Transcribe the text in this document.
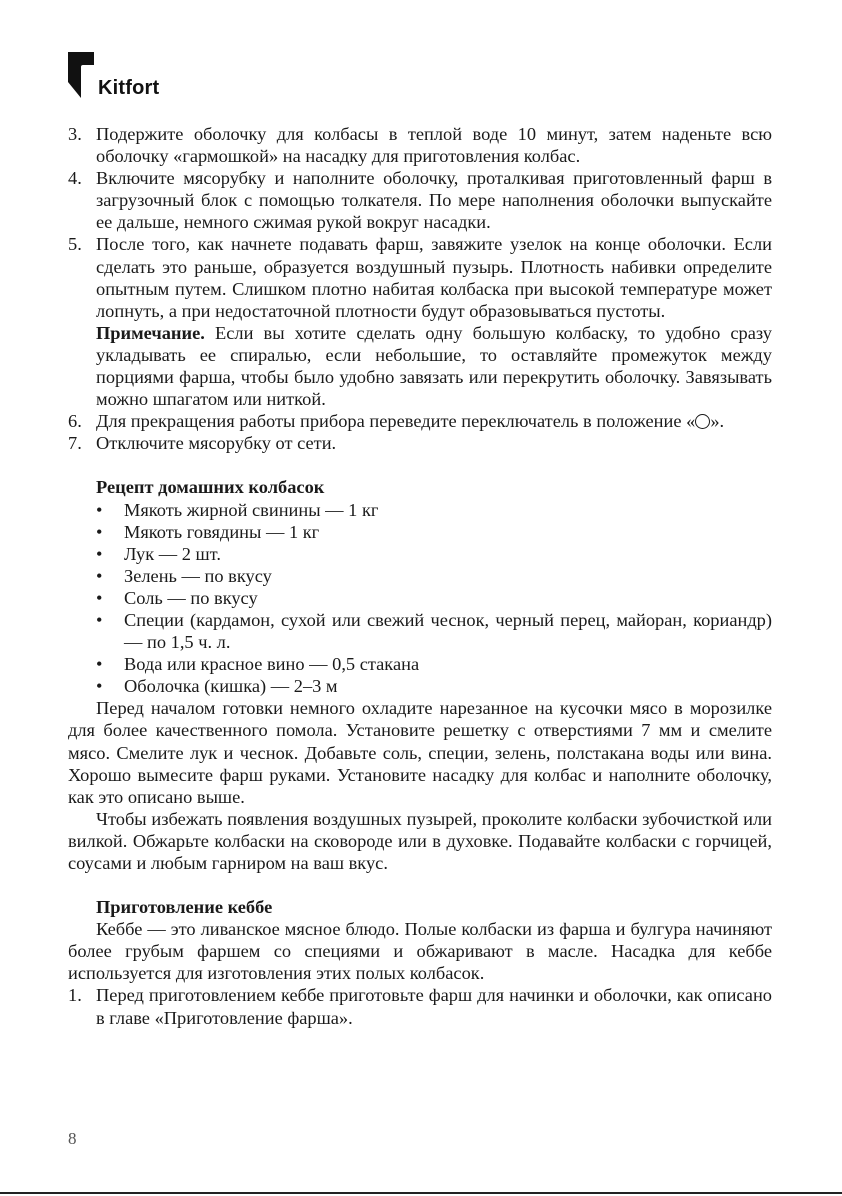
Kitfort
3. Подержите оболочку для колбасы в теплой воде 10 минут, затем наденьте всю оболочку «гармошкой» на насадку для приготовления колбас.
4. Включите мясорубку и наполните оболочку, проталкивая приготовленный фарш в загрузочный блок с помощью толкателя. По мере наполнения оболочки выпускайте ее дальше, немного сжимая рукой вокруг насадки.
5. После того, как начнете подавать фарш, завяжите узелок на конце оболочки. Если сделать это раньше, образуется воздушный пузырь. Плотность набивки определите опытным путем. Слишком плотно набитая колбаска при высокой температуре может лопнуть, а при недостаточной плотности будут образовываться пустоты.
Примечание. Если вы хотите сделать одну большую колбаску, то удобно сразу укладывать ее спиралью, если небольшие, то оставляйте промежуток между порциями фарша, чтобы было удобно завязать или перекрутить оболочку. Завязывать можно шпагатом или ниткой.
6. Для прекращения работы прибора переведите переключатель в положение « ».
7. Отключите мясорубку от сети.
Рецепт домашних колбасок
•	Мякоть жирной свинины — 1 кг
•	Мякоть говядины — 1 кг
•	Лук — 2 шт.
•	Зелень — по вкусу
•	Соль — по вкусу
•	Специи (кардамон, сухой или свежий чеснок, черный перец, майоран, кориандр) — по 1,5 ч. л.
•	Вода или красное вино — 0,5 стакана
•	Оболочка (кишка) — 2–3 м
Перед началом готовки немного охладите нарезанное на кусочки мясо в морозилке для более качественного помола. Установите решетку с отверстиями 7 мм и смелите мясо. Смелите лук и чеснок. Добавьте соль, специи, зелень, полстакана воды или вина. Хорошо вымесите фарш руками. Установите насадку для колбас и наполните оболочку, как это описано выше.
Чтобы избежать появления воздушных пузырей, проколите колбаски зубочисткой или вилкой. Обжарьте колбаски на сковороде или в духовке. Подавайте колбаски с горчицей, соусами и любым гарниром на ваш вкус.
Приготовление кеббе
Кеббе — это ливанское мясное блюдо. Полые колбаски из фарша и булгура начиняют более грубым фаршем со специями и обжаривают в масле. Насадка для кеббе используется для изготовления этих полых колбасок.
1. Перед приготовлением кеббе приготовьте фарш для начинки и оболочки, как описано в главе «Приготовление фарша».
8
